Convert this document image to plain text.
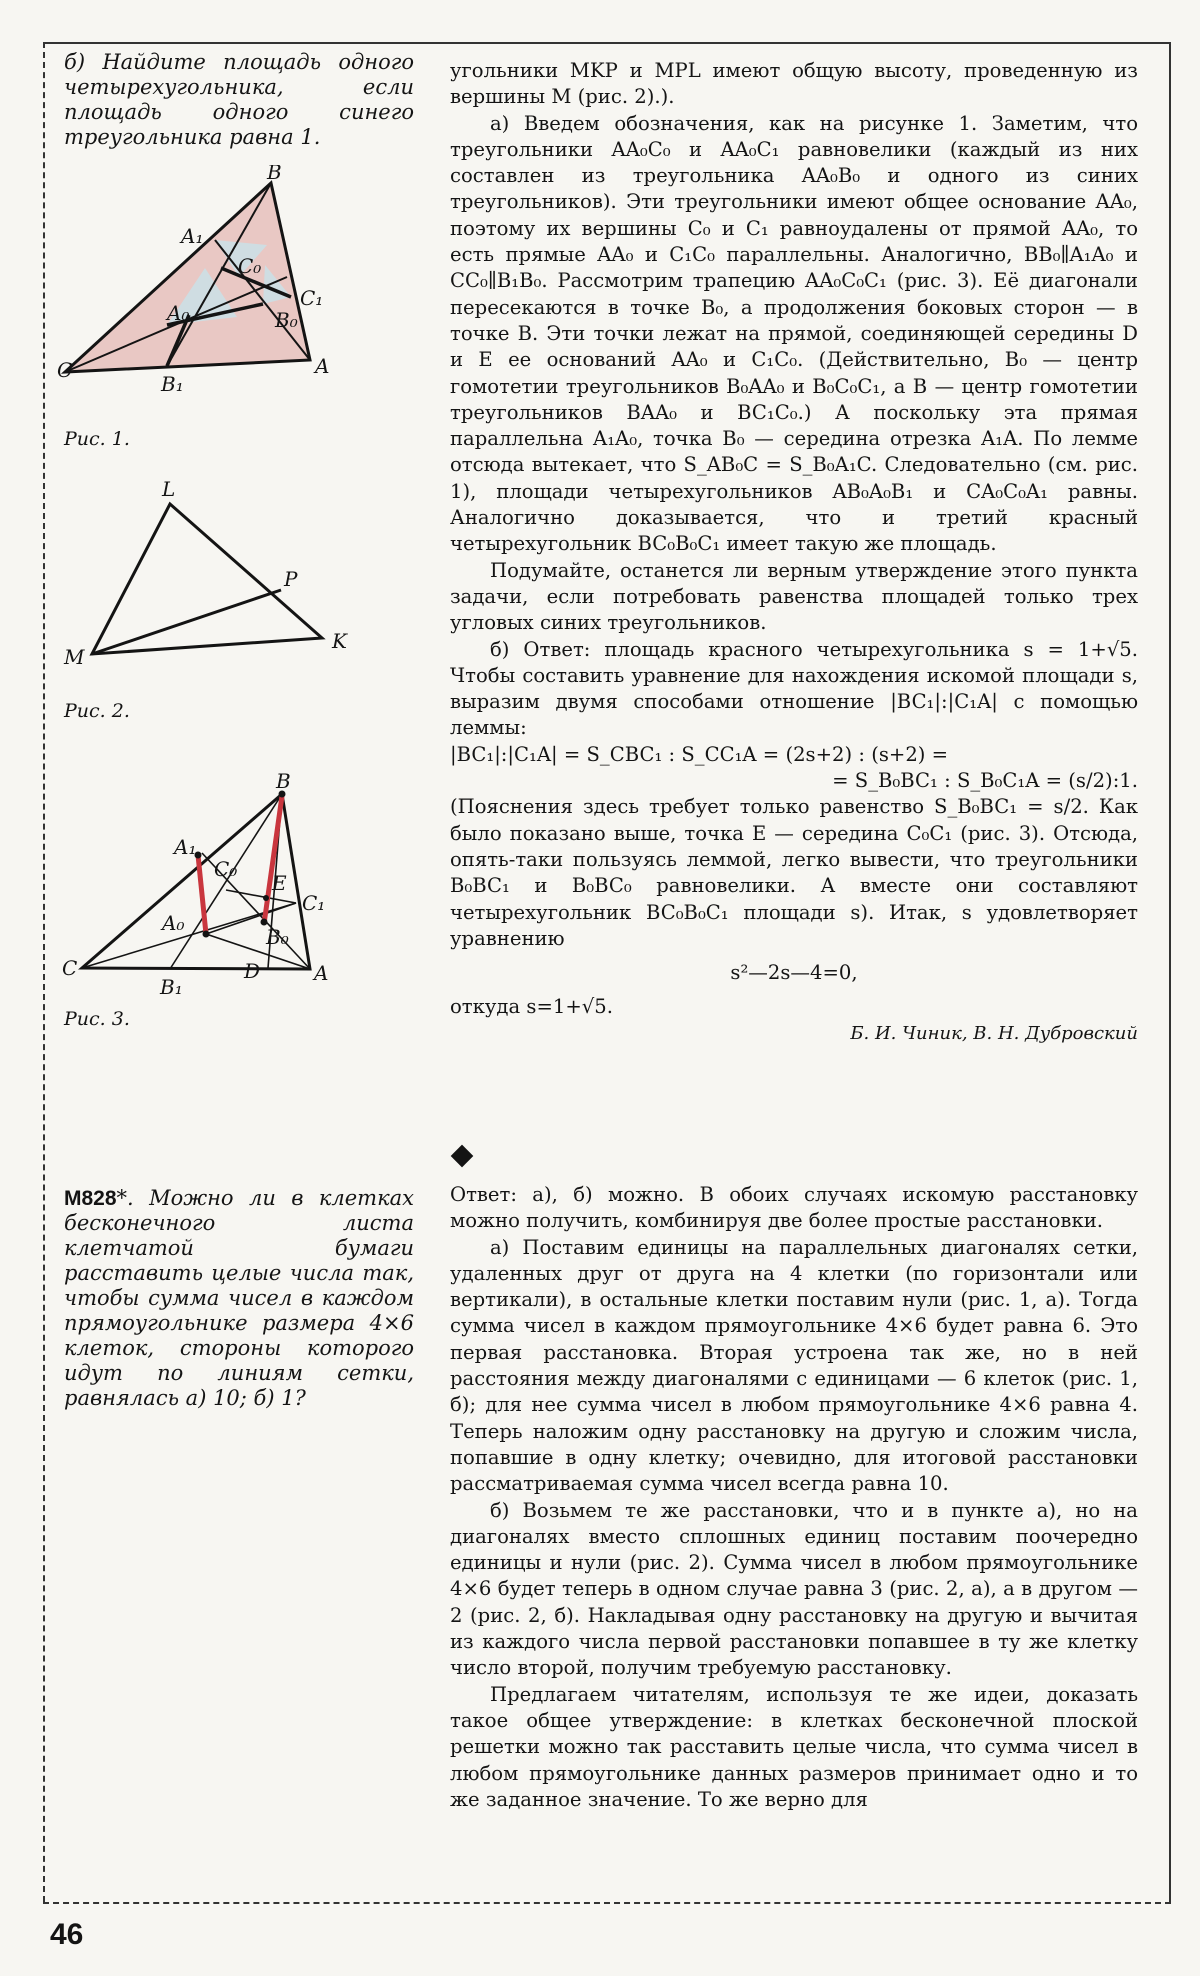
б) Найдите площадь одного четырехугольника, если площадь одного синего треугольника равна 1.

B
A₁
C₀
C₁
A₀	B₀
C	A
B₁
Рис. 1.
L
P
M
K
Рис. 2.
B
A₁
C₀
E
C₁
A₀
B₀
C	D	A
B₁
Рис. 3.

М828*. Можно ли в клетках бесконечного листа клетчатой бумаги расставить целые числа так, чтобы сумма чисел в каждом прямоугольнике размера 4×6 клеток, стороны которого идут по линиям сетки, равнялась а) 10; б) 1?

угольники MKP и MPL имеют общую высоту, проведенную из вершины M (рис. 2).).

а) Введем обозначения, как на рисунке 1. Заметим, что треугольники AA₀C₀ и AA₀C₁ равновелики (каждый из них составлен из треугольника AA₀B₀ и одного из синих треугольников). Эти треугольники имеют общее основание AA₀, поэтому их вершины C₀ и C₁ равноудалены от прямой AA₀, то есть прямые AA₀ и C₁C₀ параллельны. Аналогично, BB₀∥A₁A₀ и CC₀∥B₁B₀. Рассмотрим трапецию AA₀C₀C₁ (рис. 3). Её диагонали пересекаются в точке B₀, а продолжения боковых сторон — в точке B. Эти точки лежат на прямой, соединяющей середины D и E ее оснований AA₀ и C₁C₀. (Действительно, B₀ — центр гомотетии треугольников B₀AA₀ и B₀C₀C₁, а B — центр гомотетии треугольников BAA₀ и BC₁C₀.) А поскольку эта прямая параллельна A₁A₀, точка B₀ — середина отрезка A₁A. По лемме отсюда вытекает, что S_AB₀C = S_B₀A₁C. Следовательно (см. рис. 1), площади четырехугольников AB₀A₀B₁ и CA₀C₀A₁ равны. Аналогично доказывается, что и третий красный четырехугольник BC₀B₀C₁ имеет такую же площадь.

Подумайте, останется ли верным утверждение этого пункта задачи, если потребовать равенства площадей только трех угловых синих треугольников.

б) Ответ: площадь красного четырехугольника s = 1+√5. Чтобы составить уравнение для нахождения искомой площади s, выразим двумя способами отношение |BC₁|:|C₁A| с помощью леммы:

|BC₁|:|C₁A| = S_CBC₁ : S_CC₁A = (2s+2) : (s+2) =

= S_B₀BC₁ : S_B₀C₁A = (s/2):1.

(Пояснения здесь требует только равенство S_B₀BC₁ = s/2. Как было показано выше, точка E — середина C₀C₁ (рис. 3). Отсюда, опять-таки пользуясь леммой, легко вывести, что треугольники B₀BC₁ и B₀BC₀ равновелики. А вместе они составляют четырехугольник BC₀B₀C₁ площади s). Итак, s удовлетворяет уравнению

s²—2s—4=0,

откуда s=1+√5.

Б. И. Чиник, В. Н. Дубровский

Ответ: а), б) можно. В обоих случаях искомую расстановку можно получить, комбинируя две более простые расстановки.

а) Поставим единицы на параллельных диагоналях сетки, удаленных друг от друга на 4 клетки (по горизонтали или вертикали), в остальные клетки поставим нули (рис. 1, а). Тогда сумма чисел в каждом прямоугольнике 4×6 будет равна 6. Это первая расстановка. Вторая устроена так же, но в ней расстояния между диагоналями с единицами — 6 клеток (рис. 1, б); для нее сумма чисел в любом прямоугольнике 4×6 равна 4. Теперь наложим одну расстановку на другую и сложим числа, попавшие в одну клетку; очевидно, для итоговой расстановки рассматриваемая сумма чисел всегда равна 10.

б) Возьмем те же расстановки, что и в пункте а), но на диагоналях вместо сплошных единиц поставим поочередно единицы и нули (рис. 2). Сумма чисел в любом прямоугольнике 4×6 будет теперь в одном случае равна 3 (рис. 2, а), а в другом — 2 (рис. 2, б). Накладывая одну расстановку на другую и вычитая из каждого числа первой расстановки попавшее в ту же клетку число второй, получим требуемую расстановку.

Предлагаем читателям, используя те же идеи, доказать такое общее утверждение: в клетках бесконечной плоской решетки можно так расставить целые числа, что сумма чисел в любом прямоугольнике данных размеров принимает одно и то же заданное значение. То же верно для

46
